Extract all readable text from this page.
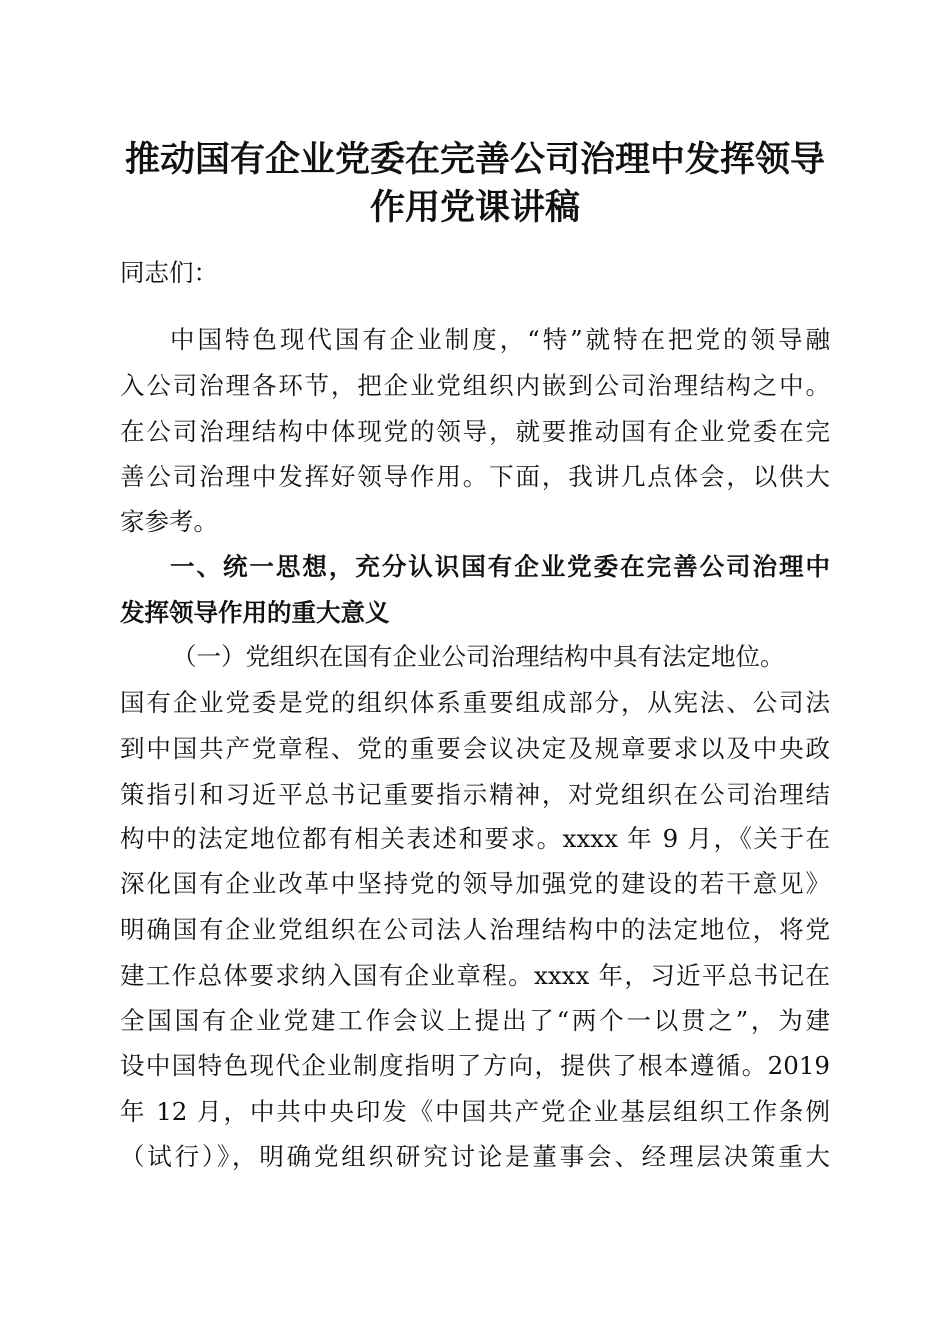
推动国有企业党委在完善公司治理中发挥领导
作用党课讲稿
同志们：
中国特色现代国有企业制度，“特”就特在把党的领导融
入公司治理各环节，把企业党组织内嵌到公司治理结构之中。
在公司治理结构中体现党的领导，就要推动国有企业党委在完
善公司治理中发挥好领导作用。下面，我讲几点体会，以供大
家参考。
一、统一思想，充分认识国有企业党委在完善公司治理中
发挥领导作用的重大意义
（一）党组织在国有企业公司治理结构中具有法定地位。
国有企业党委是党的组织体系重要组成部分，从宪法、公司法
到中国共产党章程、党的重要会议决定及规章要求以及中央政
策指引和习近平总书记重要指示精神，对党组织在公司治理结
构中的法定地位都有相关表述和要求。xxxx 年 9 月，《关于在
深化国有企业改革中坚持党的领导加强党的建设的若干意见》
明确国有企业党组织在公司法人治理结构中的法定地位，将党
建工作总体要求纳入国有企业章程。xxxx 年，习近平总书记在
全国国有企业党建工作会议上提出了“两个一以贯之”，为建
设中国特色现代企业制度指明了方向，提供了根本遵循。2019
年 12 月，中共中央印发《中国共产党企业基层组织工作条例
（试行）》，明确党组织研究讨论是董事会、经理层决策重大
